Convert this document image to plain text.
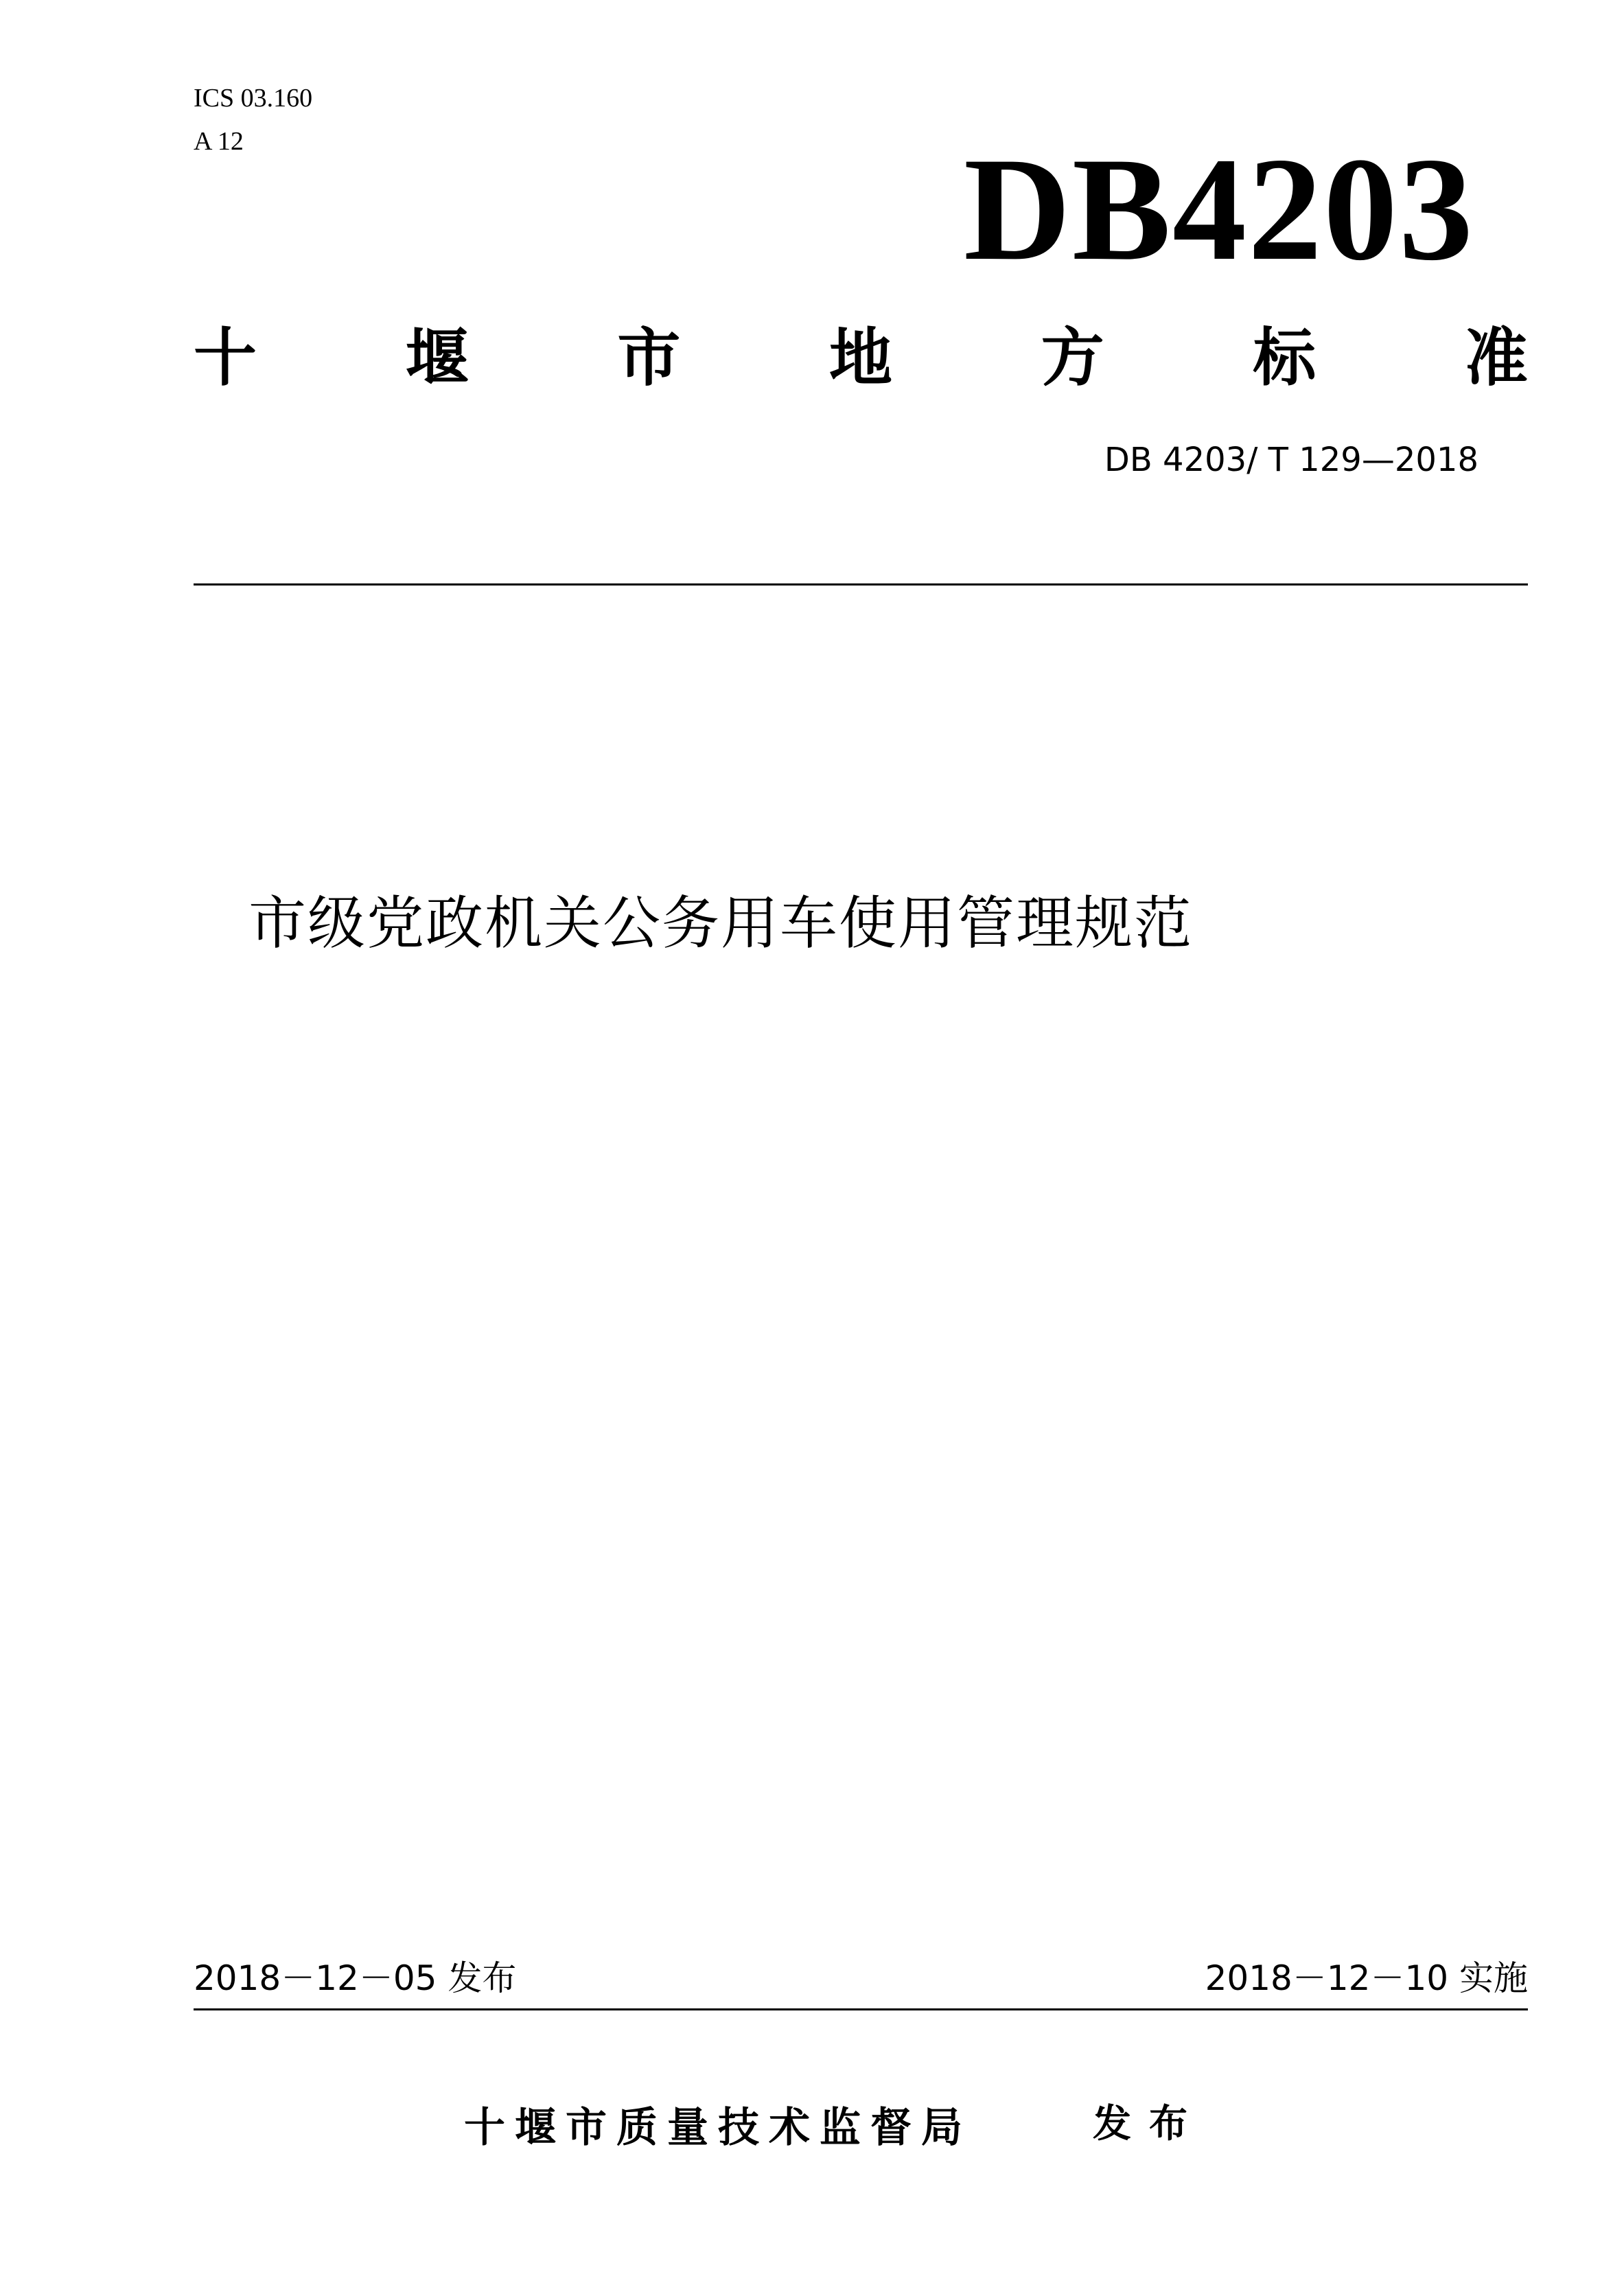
ICS 03.160
A 12	DB4203
十 堰 市 地 方 标 准
DB 4203/ T 129—2018
市级党政机关公务用车使用管理规范
2018－12－05 发布	2018－12－10 实施
十堰市质量技术监督局	发布
